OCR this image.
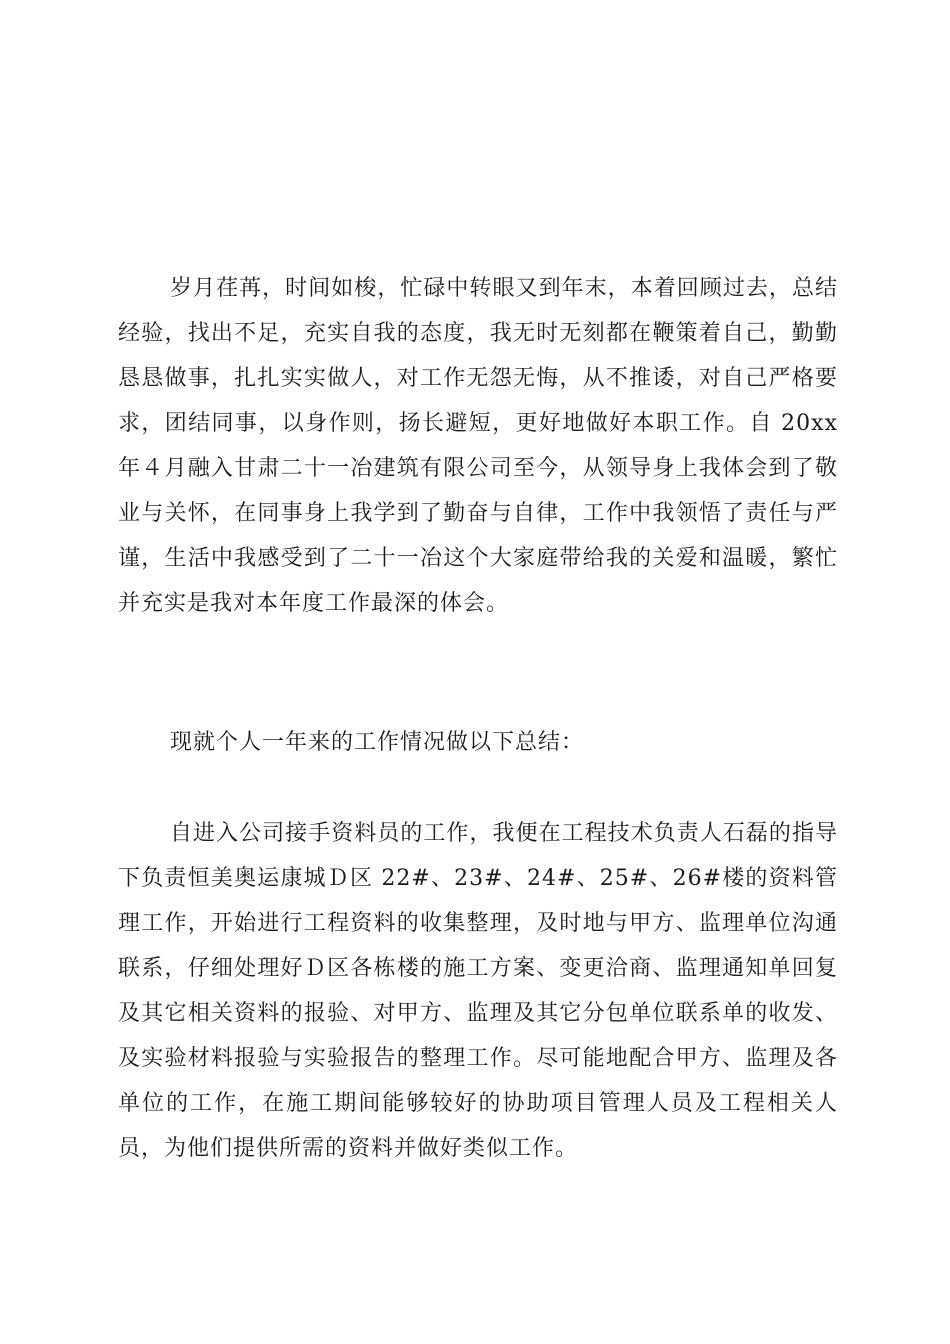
岁月荏苒，时间如梭，忙碌中转眼又到年末，本着回顾过去，总结经验，找出不足，充实自我的态度，我无时无刻都在鞭策着自己，勤勤恳恳做事，扎扎实实做人，对工作无怨无悔，从不推诿，对自己严格要求，团结同事，以身作则，扬长避短，更好地做好本职工作。自 20xx 年４月融入甘肃二十一冶建筑有限公司至今，从领导身上我体会到了敬业与关怀，在同事身上我学到了勤奋与自律，工作中我领悟了责任与严谨，生活中我感受到了二十一冶这个大家庭带给我的关爱和温暖，繁忙并充实是我对本年度工作最深的体会。

现就个人一年来的工作情况做以下总结：

自进入公司接手资料员的工作，我便在工程技术负责人石磊的指导下负责恒美奥运康城Ｄ区 22#、23#、24#、25#、26#楼的资料管理工作，开始进行工程资料的收集整理，及时地与甲方、监理单位沟通联系，仔细处理好Ｄ区各栋楼的施工方案、变更洽商、监理通知单回复及其它相关资料的报验、对甲方、监理及其它分包单位联系单的收发、及实验材料报验与实验报告的整理工作。尽可能地配合甲方、监理及各单位的工作，在施工期间能够较好的协助项目管理人员及工程相关人员，为他们提供所需的资料并做好类似工作。
